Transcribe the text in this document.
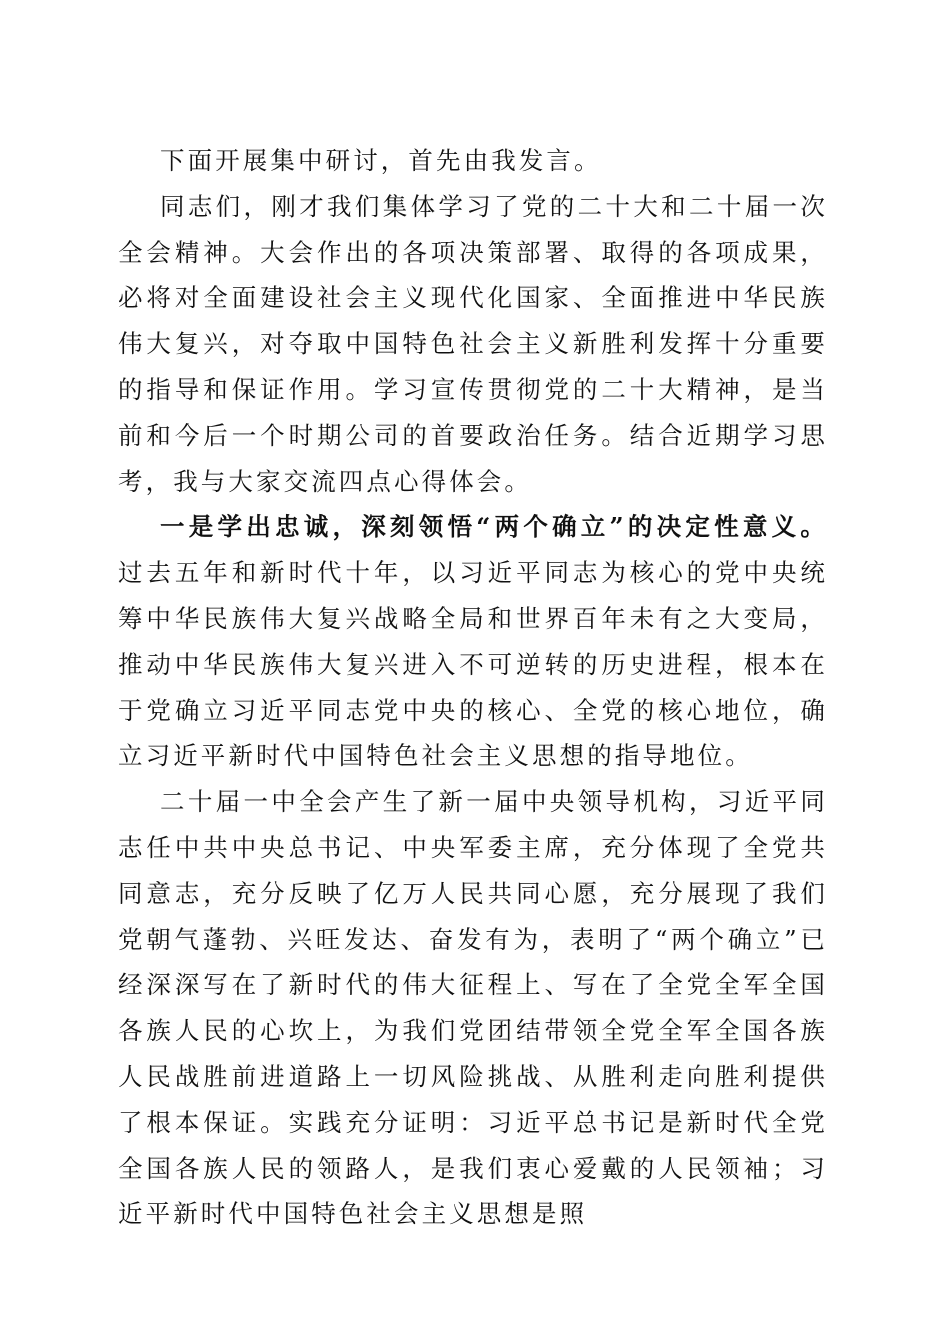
下面开展集中研讨，首先由我发言。

同志们，刚才我们集体学习了党的二十大和二十届一次全会精神。大会作出的各项决策部署、取得的各项成果，必将对全面建设社会主义现代化国家、全面推进中华民族伟大复兴，对夺取中国特色社会主义新胜利发挥十分重要的指导和保证作用。学习宣传贯彻党的二十大精神，是当前和今后一个时期公司的首要政治任务。结合近期学习思考，我与大家交流四点心得体会。

一是学出忠诚，深刻领悟“两个确立”的决定性意义。过去五年和新时代十年，以习近平同志为核心的党中央统筹中华民族伟大复兴战略全局和世界百年未有之大变局，推动中华民族伟大复兴进入不可逆转的历史进程，根本在于党确立习近平同志党中央的核心、全党的核心地位，确立习近平新时代中国特色社会主义思想的指导地位。

二十届一中全会产生了新一届中央领导机构，习近平同志任中共中央总书记、中央军委主席，充分体现了全党共同意志，充分反映了亿万人民共同心愿，充分展现了我们党朝气蓬勃、兴旺发达、奋发有为，表明了“两个确立”已经深深写在了新时代的伟大征程上、写在了全党全军全国各族人民的心坎上，为我们党团结带领全党全军全国各族人民战胜前进道路上一切风险挑战、从胜利走向胜利提供了根本保证。实践充分证明：习近平总书记是新时代全党全国各族人民的领路人，是我们衷心爱戴的人民领袖；习近平新时代中国特色社会主义思想是照
